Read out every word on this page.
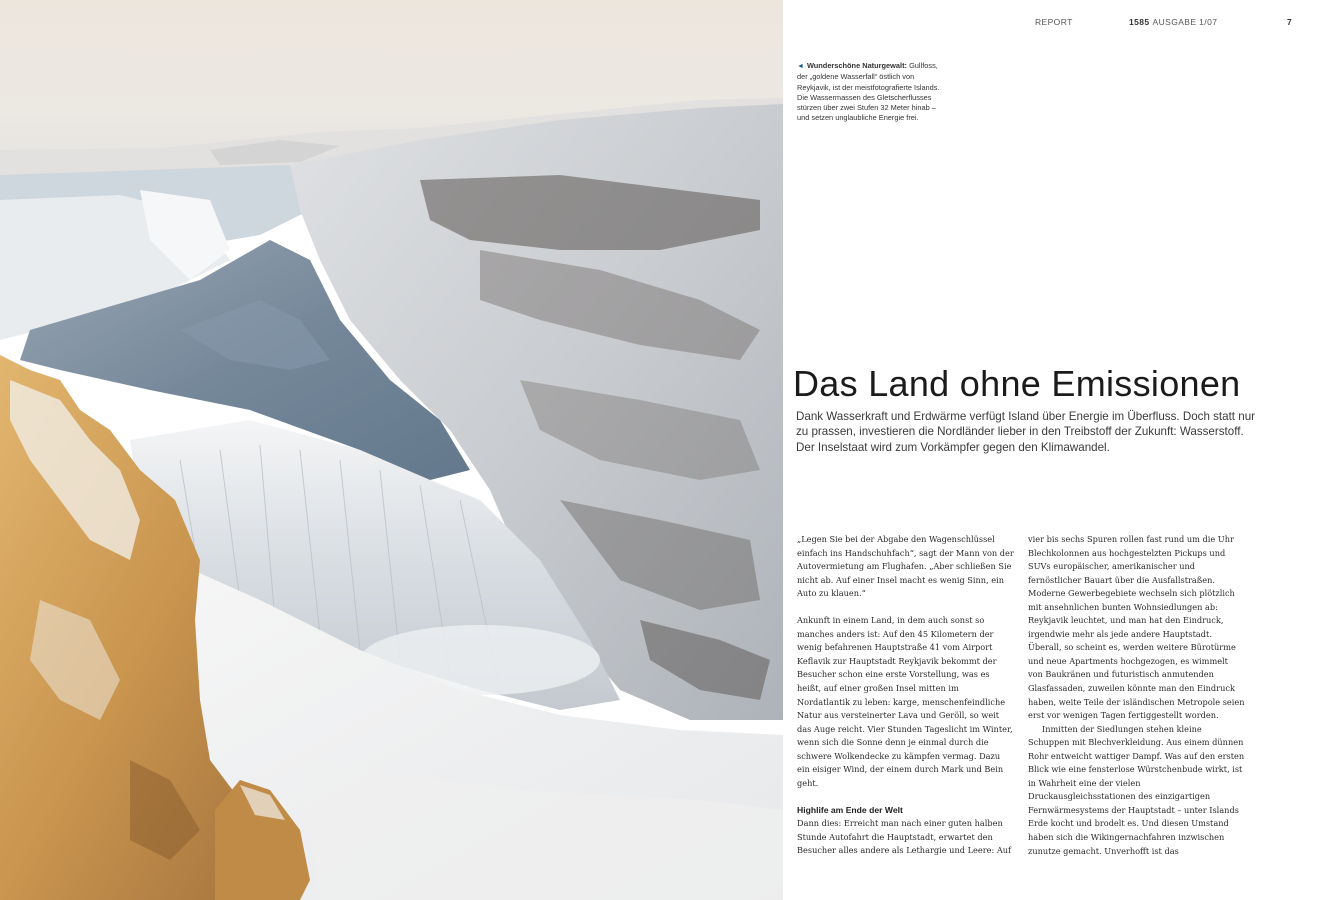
REPORT	1585 AUSGABE 1/07	7
◄ Wunderschöne Naturgewalt: Gullfoss, der „goldene Wasserfall“ östlich von Reykjavik, ist der meistfotografierte Islands. Die Wassermassen des Gletscherflusses stürzen über zwei Stufen 32 Meter hinab – und setzen unglaubliche Energie frei.
Das Land ohne Emissionen

Dank Wasserkraft und Erdwärme verfügt Island über Energie im Überfluss. Doch statt nur zu prassen, investieren die Nordländer lieber in den Treibstoff der Zukunft: Wasserstoff. Der Inselstaat wird zum Vorkämpfer gegen den Klimawandel.

„Legen Sie bei der Abgabe den Wagenschlüssel einfach ins Handschuhfach“, sagt der Mann von der Autovermietung am Flughafen. „Aber schließen Sie nicht ab. Auf einer Insel macht es wenig Sinn, ein Auto zu klauen.“

Ankunft in einem Land, in dem auch sonst so manches anders ist: Auf den 45 Kilometern der wenig befahrenen Hauptstraße 41 vom Airport Keflavik zur Hauptstadt Reykjavik bekommt der Besucher schon eine erste Vorstellung, was es heißt, auf einer großen Insel mitten im Nordatlantik zu leben: karge, menschenfeindliche Natur aus versteinerter Lava und Geröll, so weit das Auge reicht. Vier Stunden Tageslicht im Winter, wenn sich die Sonne denn je einmal durch die schwere Wolkendecke zu kämpfen vermag. Dazu ein eisiger Wind, der einem durch Mark und Bein geht.

Highlife am Ende der Welt

Dann dies: Erreicht man nach einer guten halben Stunde Autofahrt die Hauptstadt, erwartet den Besucher alles andere als Lethargie und Leere: Auf

vier bis sechs Spuren rollen fast rund um die Uhr Blechkolonnen aus hochgestelzten Pickups und SUVs europäischer, amerikanischer und fernöstlicher Bauart über die Ausfallstraßen. Moderne Gewerbegebiete wechseln sich plötzlich mit ansehnlichen bunten Wohnsiedlungen ab: Reykjavik leuchtet, und man hat den Eindruck, irgendwie mehr als jede andere Hauptstadt. Überall, so scheint es, werden weitere Bürotürme und neue Apartments hochgezogen, es wimmelt von Baukränen und futuristisch anmutenden Glasfassaden, zuweilen könnte man den Eindruck haben, weite Teile der isländischen Metropole seien erst vor wenigen Tagen fertiggestellt worden.

Inmitten der Siedlungen stehen kleine Schuppen mit Blechverkleidung. Aus einem dünnen Rohr entweicht wattiger Dampf. Was auf den ersten Blick wie eine fensterlose Würstchenbude wirkt, ist in Wahrheit eine der vielen Druckausgleichsstationen des einzigartigen Fernwärmesystems der Hauptstadt – unter Islands Erde kocht und brodelt es. Und diesen Umstand haben sich die Wikingernachfahren inzwischen zunutze gemacht. Unverhofft ist das
